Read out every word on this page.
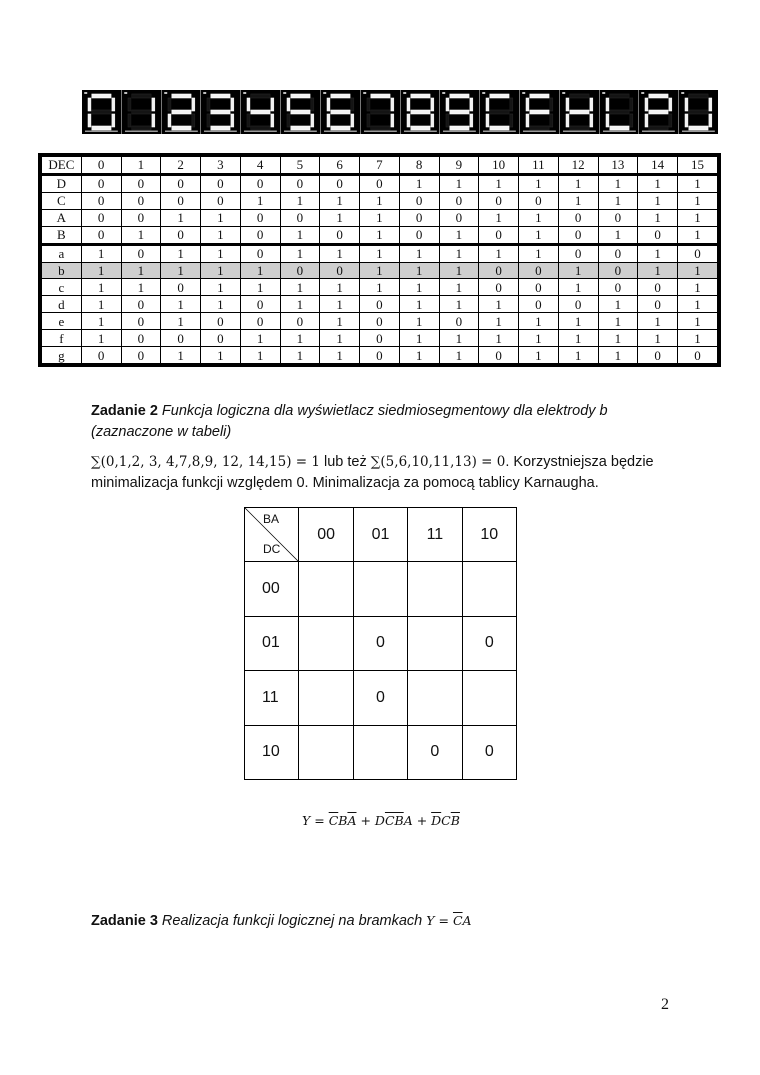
DEC	0	1	2	3	4	5	6	7	8	9	10	11	12	13	14	15
D	0	0	0	0	0	0	0	0	1	1	1	1	1	1	1	1
C	0	0	0	0	1	1	1	1	0	0	0	0	1	1	1	1
A	0	0	1	1	0	0	1	1	0	0	1	1	0	0	1	1
B	0	1	0	1	0	1	0	1	0	1	0	1	0	1	0	1
a	1	0	1	1	0	1	1	1	1	1	1	1	0	0	1	0
b	1	1	1	1	1	0	0	1	1	1	0	0	1	0	1	1
c	1	1	0	1	1	1	1	1	1	1	0	0	1	0	0	1
d	1	0	1	1	0	1	1	0	1	1	1	0	0	1	0	1
e	1	0	1	0	0	0	1	0	1	0	1	1	1	1	1	1
f	1	0	0	0	1	1	1	0	1	1	1	1	1	1	1	1
g	0	0	1	1	1	1	1	0	1	1	0	1	1	1	0	0
Zadanie 2 Funkcja logiczna dla wyświetlacz siedmiosegmentowy dla elektrody b (zaznaczone w tabeli)
∑(0,1,2, 3, 4,7,8,9, 12, 14,15) = 1 lub też ∑(5,6,10,11,13) = 0. Korzystniejsza będzie minimalizacja funkcji względem 0. Minimalizacja za pomocą tablicy Karnaugha.
BA
DC	00	01	11	10
00				
01		0		0
11		0		
10			0	0
$Y = \overline{C}B\overline{A} + D\overline{CB}A + \overline{D}C\overline{B}$
Zadanie 3 Realizacja funkcji logicznej na bramkach $Y = \overline{C}A$
2
